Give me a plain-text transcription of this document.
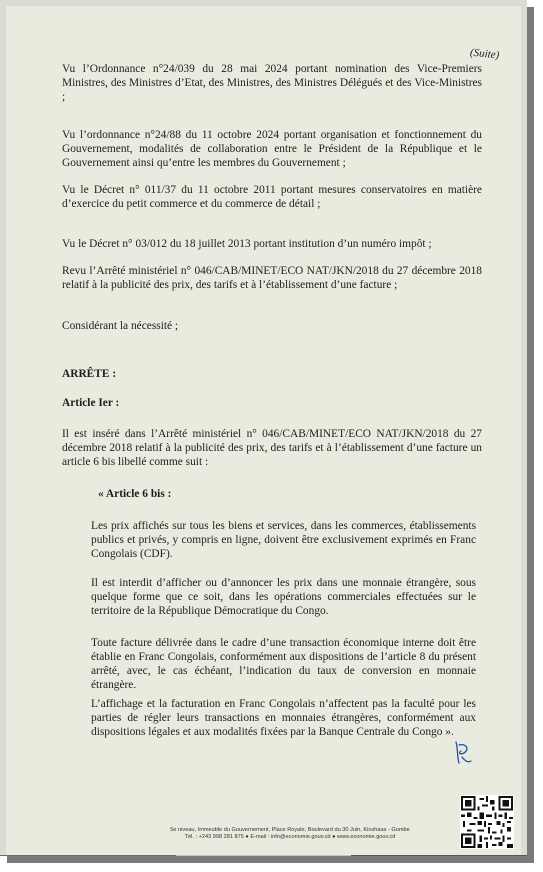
(Suite)

Vu l’Ordonnance n°24/039 du 28 mai 2024 portant nomination des Vice-Premiers Ministres, des Ministres d’Etat, des Ministres, des Ministres Délégués et des Vice-Ministres ;

Vu l’ordonnance n°24/88 du 11 octobre 2024 portant organisation et fonctionnement du Gouvernement, modalités de collaboration entre le Président de la République et le Gouvernement ainsi qu’entre les membres du Gouvernement ;

Vu le Décret n° 011/37 du 11 octobre 2011 portant mesures conservatoires en matière d’exercice du petit commerce et du commerce de détail ;

Vu le Décret n° 03/012 du 18 juillet 2013 portant institution d’un numéro impôt ;

Revu l’Arrêté ministériel n° 046/CAB/MINET/ECO NAT/JKN/2018 du 27 décembre 2018 relatif à la publicité des prix, des tarifs et à l’établissement d’une facture ;

Considérant la nécessité ;

ARRÊTE :

Article Ier :

Il est inséré dans l’Arrêté ministériel n° 046/CAB/MINET/ECO NAT/JKN/2018 du 27 décembre 2018 relatif à la publicité des prix, des tarifs et à l’établissement d’une facture un article 6 bis libellé comme suit :

« Article 6 bis :

Les prix affichés sur tous les biens et services, dans les commerces, établissements publics et privés, y compris en ligne, doivent être exclusivement exprimés en Franc Congolais (CDF).

Il est interdit d’afficher ou d’annoncer les prix dans une monnaie étrangère, sous quelque forme que ce soit, dans les opérations commerciales effectuées sur le territoire de la République Démocratique du Congo.

Toute facture délivrée dans le cadre d’une transaction économique interne doit être établie en Franc Congolais, conformément aux dispositions de l’article 8 du présent arrêté, avec, le cas échéant, l’indication du taux de conversion en monnaie étrangère.

L’affichage et la facturation en Franc Congolais n’affectent pas la faculté pour les parties de régler leurs transactions en monnaies étrangères, conformément aux dispositions légales et aux modalités fixées par la Banque Centrale du Congo ».

5e niveau, Immeuble du Gouvernement, Place Royale, Boulevard du 30 Juin, Kinshasa - Gombe
Tél. : +243 998 281 875 ● E-mail : info@economie.gouv.cd ● www.economie.gouv.cd
